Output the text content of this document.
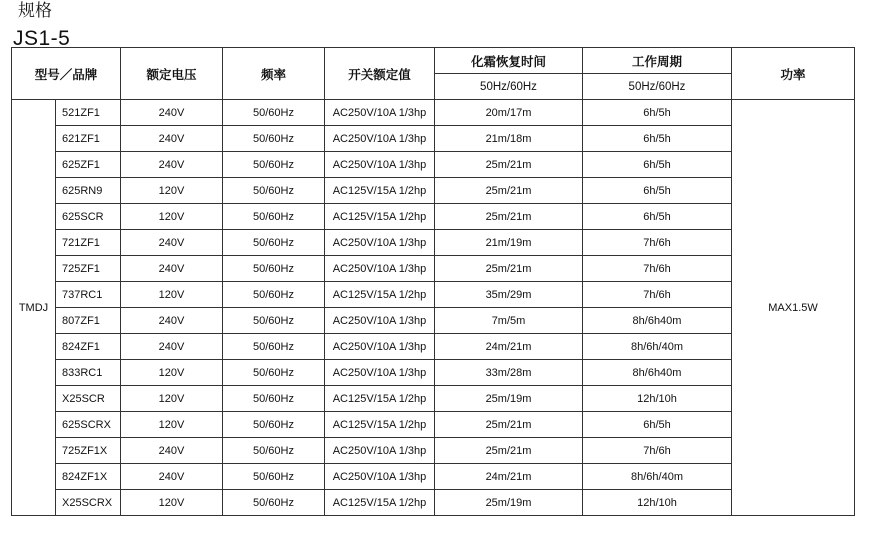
规格
JS1-5
型号／品牌		额定电压	频率	开关额定值	化霜恢复时间	工作周期	功率
					50Hz/60Hz	50Hz/60Hz	
TMDJ	521ZF1	240V	50/60Hz	AC250V/10A 1/3hp	20m/17m	6h/5h	MAX1.5W
	621ZF1	240V	50/60Hz	AC250V/10A 1/3hp	21m/18m	6h/5h	
	625ZF1	240V	50/60Hz	AC250V/10A 1/3hp	25m/21m	6h/5h	
	625RN9	120V	50/60Hz	AC125V/15A 1/2hp	25m/21m	6h/5h	
	625SCR	120V	50/60Hz	AC125V/15A 1/2hp	25m/21m	6h/5h	
	721ZF1	240V	50/60Hz	AC250V/10A 1/3hp	21m/19m	7h/6h	
	725ZF1	240V	50/60Hz	AC250V/10A 1/3hp	25m/21m	7h/6h	
	737RC1	120V	50/60Hz	AC125V/15A 1/2hp	35m/29m	7h/6h	
	807ZF1	240V	50/60Hz	AC250V/10A 1/3hp	7m/5m	8h/6h40m	
	824ZF1	240V	50/60Hz	AC250V/10A 1/3hp	24m/21m	8h/6h/40m	
	833RC1	120V	50/60Hz	AC250V/10A 1/3hp	33m/28m	8h/6h40m	
	X25SCR	120V	50/60Hz	AC125V/15A 1/2hp	25m/19m	12h/10h	
	625SCRX	120V	50/60Hz	AC125V/15A 1/2hp	25m/21m	6h/5h	
	725ZF1X	240V	50/60Hz	AC250V/10A 1/3hp	25m/21m	7h/6h	
	824ZF1X	240V	50/60Hz	AC250V/10A 1/3hp	24m/21m	8h/6h/40m	
	X25SCRX	120V	50/60Hz	AC125V/15A 1/2hp	25m/19m	12h/10h	
